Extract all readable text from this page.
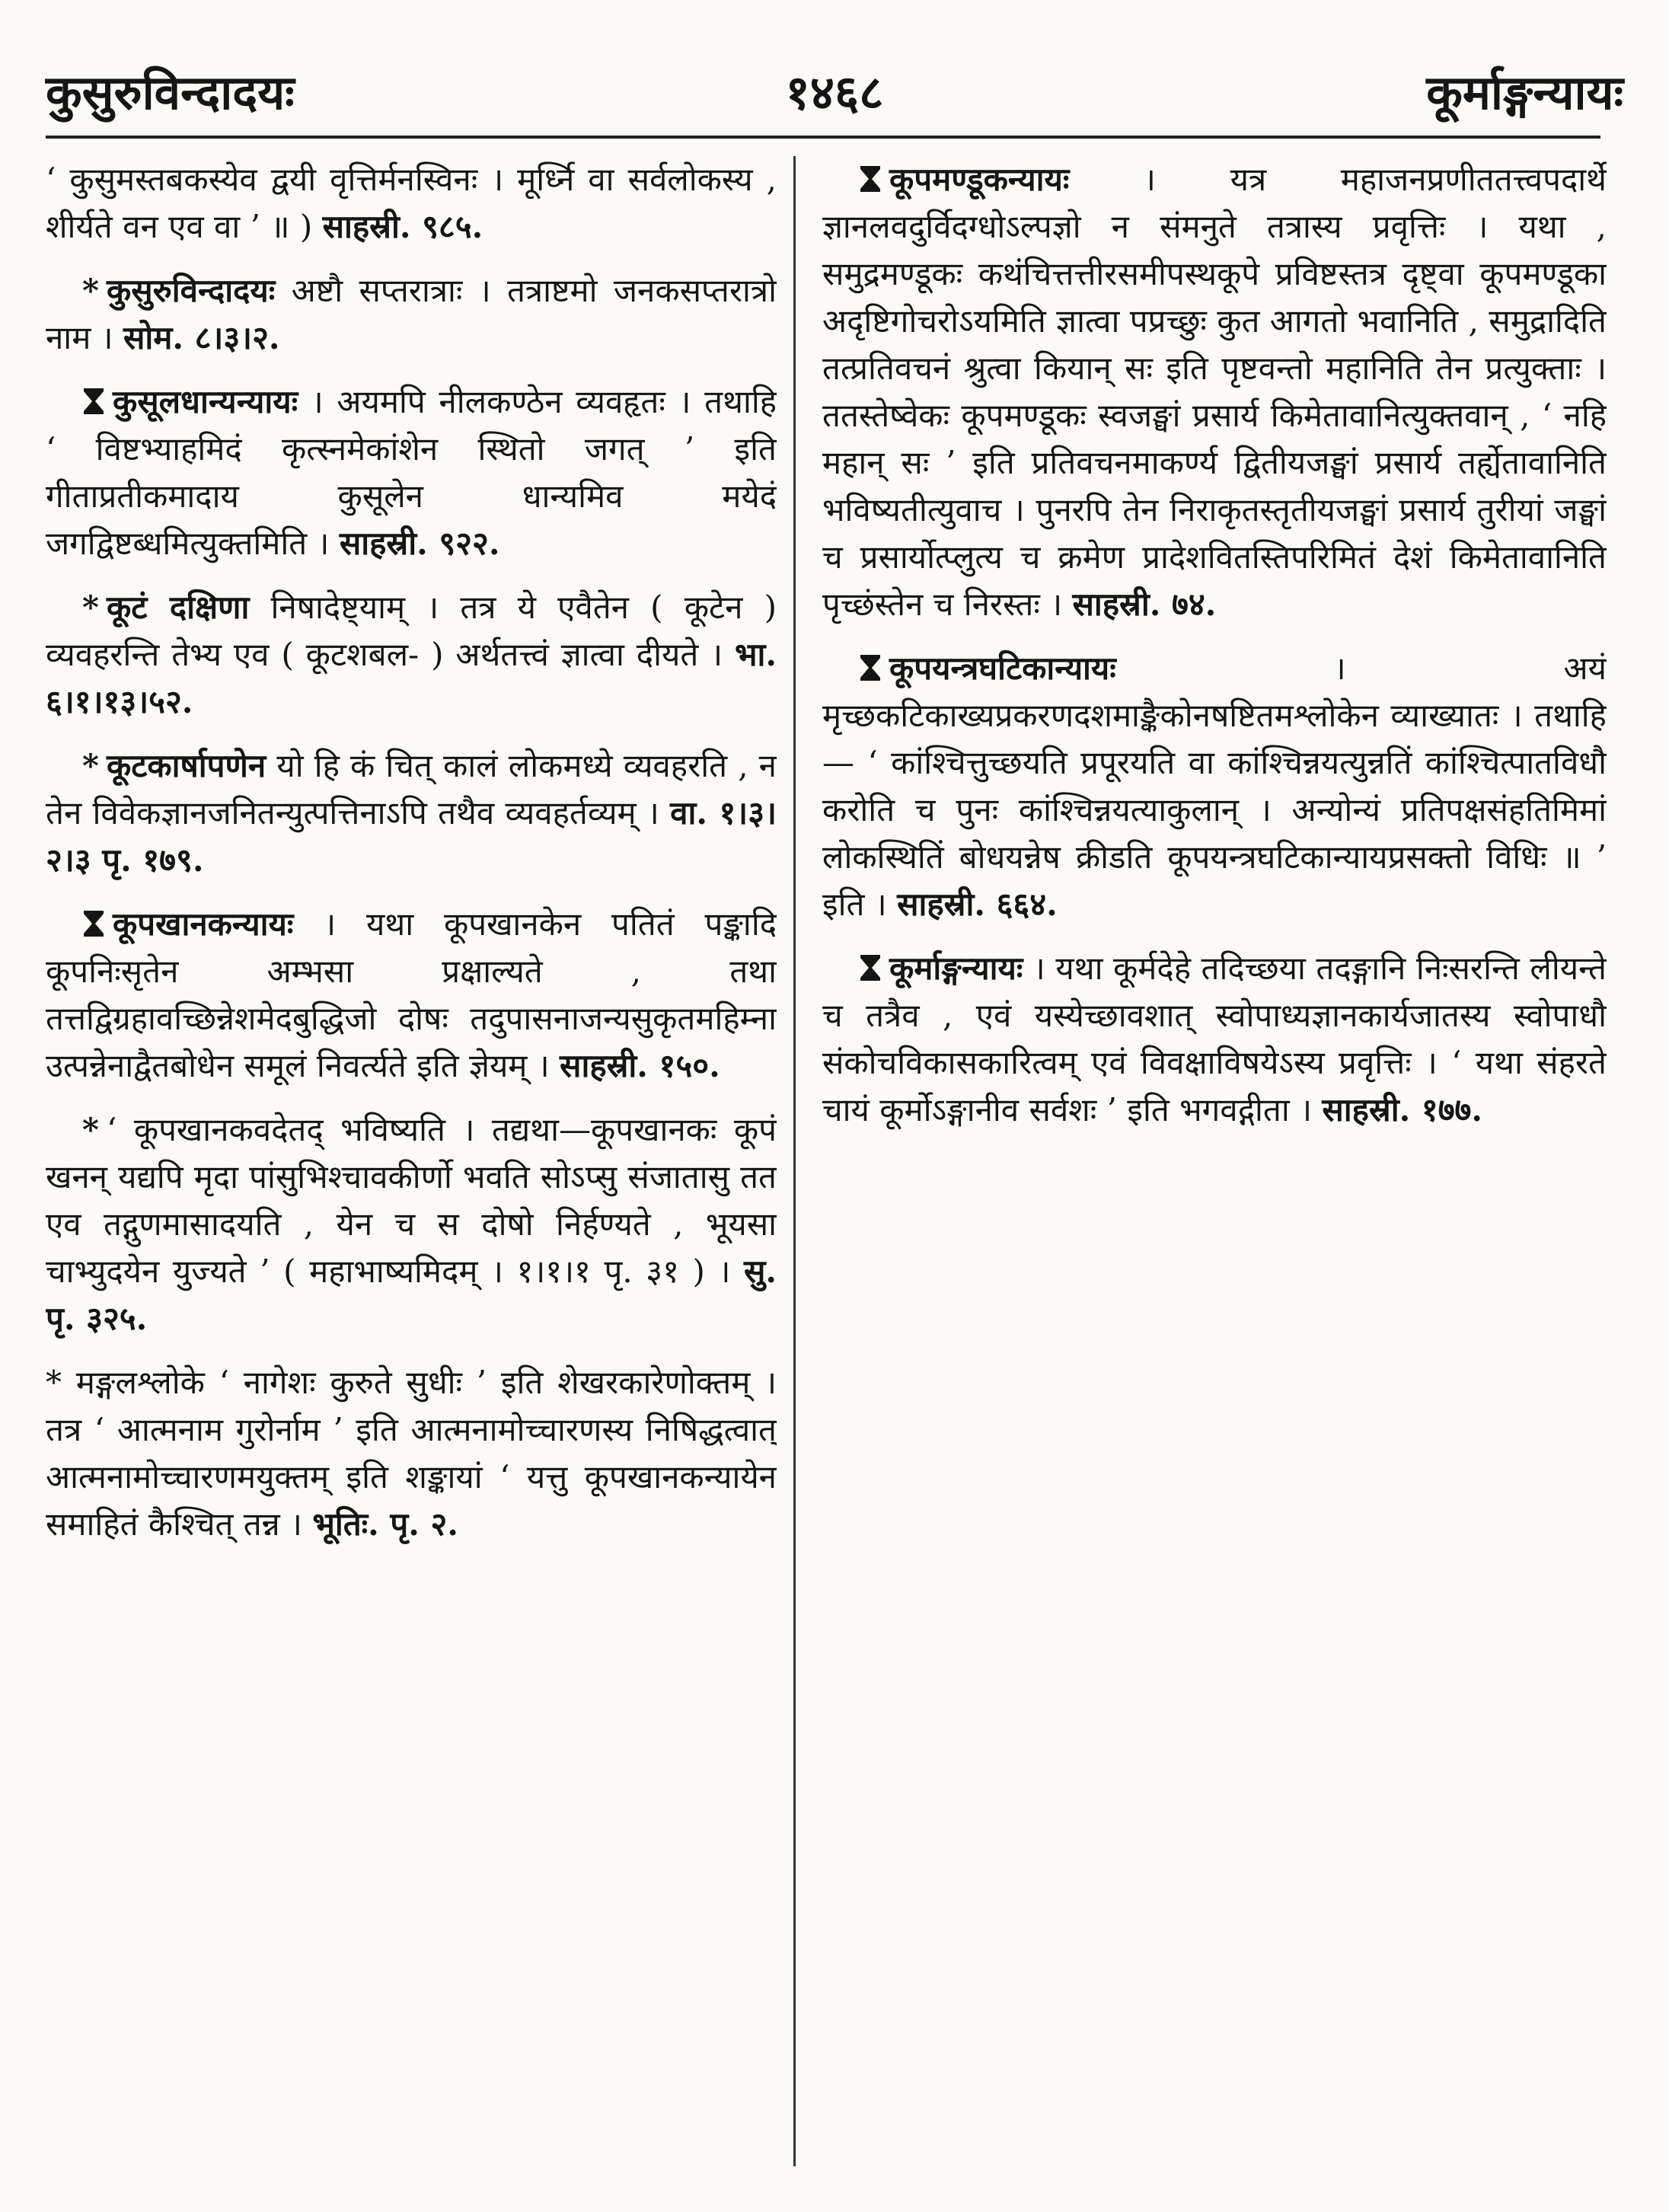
कुसुरुविन्दादयः	१४६८	कूर्माङ्गन्यायः

‘ कुसुमस्तबकस्येव द्वयी वृत्तिर्मनस्विनः । मूर्ध्नि वा सर्वलोकस्य , शीर्यते वन एव वा ’ ॥ ) साहस्री. ९८५.

* कुसुरुविन्दादयः अष्टौ सप्तरात्राः । तत्राष्टमो जनकसप्तरात्रो नाम । सोम. ८।३।२.

कुसूलधान्यन्यायः । अयमपि नीलकण्ठेन व्यवहृतः । तथाहि ‘ विष्टभ्याहमिदं कृत्स्नमेकांशेन स्थितो जगत् ’ इति गीताप्रतीकमादाय कुसूलेन धान्यमिव मयेदं जगद्विष्टब्धमित्युक्तमिति । साहस्री. ९२२.

* कूटं दक्षिणा निषादेष्ट्याम् । तत्र ये एवैतेन ( कूटेन ) व्यवहरन्ति तेभ्य एव ( कूटशबल- ) अर्थतत्त्वं ज्ञात्वा दीयते । भा. ६।१।१३।५२.

* कूटकार्षापणेन यो हि कं चित् कालं लोकमध्ये व्यवहरति , न तेन विवेकज्ञानजनितन्युत्पत्तिनाऽपि तथैव व्यवहर्तव्यम् । वा. १।३।२।३ पृ. १७९.

कूपखानकन्यायः । यथा कूपखानकेन पतितं पङ्कादि कूपनिःसृतेन अम्भसा प्रक्षाल्यते , तथा तत्तद्विग्रहावच्छिन्नेशमेदबुद्धिजो दोषः तदुपासनाजन्यसुकृतमहिम्ना उत्पन्नेनाद्वैतबोधेन समूलं निवर्त्यते इति ज्ञेयम् । साहस्री. १५०.

* ‘ कूपखानकवदेतद् भविष्यति । तद्यथा—कूपखानकः कूपं खनन् यद्यपि मृदा पांसुभिश्चावकीर्णो भवति सोऽप्सु संजातासु तत एव तद्गुणमासादयति , येन च स दोषो निर्हण्यते , भूयसा चाभ्युदयेन युज्यते ’ ( महाभाष्यमिदम् । १।१।१ पृ. ३१ ) । सु. पृ. ३२५.

* मङ्गलश्लोके ‘ नागेशः कुरुते सुधीः ’ इति शेखरकारेणोक्तम् । तत्र ‘ आत्मनाम गुरोर्नाम ’ इति आत्मनामोच्चारणस्य निषिद्धत्वात् आत्मनामोच्चारणमयुक्तम् इति शङ्कायां ‘ यत्तु कूपखानकन्यायेन समाहितं कैश्चित् तन्न । भूतिः. पृ. २.

कूपमण्डूकन्यायः । यत्र महाजनप्रणीततत्त्वपदार्थे ज्ञानलवदुर्विदग्धोऽल्पज्ञो न संमनुते तत्रास्य प्रवृत्तिः । यथा , समुद्रमण्डूकः कथंचित्तत्तीरसमीपस्थकूपे प्रविष्टस्तत्र दृष्ट्वा कूपमण्डूका अदृष्टिगोचरोऽयमिति ज्ञात्वा पप्रच्छुः कुत आगतो भवानिति , समुद्रादिति तत्प्रतिवचनं श्रुत्वा कियान् सः इति पृष्टवन्तो महानिति तेन प्रत्युक्ताः । ततस्तेष्वेकः कूपमण्डूकः स्वजङ्घां प्रसार्य किमेतावानित्युक्तवान् , ‘ नहि महान् सः ’ इति प्रतिवचनमाकर्ण्य द्वितीयजङ्घां प्रसार्य तर्ह्येतावानिति भविष्यतीत्युवाच । पुनरपि तेन निराकृतस्तृतीयजङ्घां प्रसार्य तुरीयां जङ्घां च प्रसार्योत्प्लुत्य च क्रमेण प्रादेशवितस्तिपरिमितं देशं किमेतावानिति पृच्छंस्तेन च निरस्तः । साहस्री. ७४.

कूपयन्त्रघटिकान्यायः	। अयं मृच्छकटिकाख्यप्रकरणदशमाङ्कैकोनषष्टितमश्लोकेन व्याख्यातः । तथाहि— ‘ कांश्चित्तुच्छयति प्रपूरयति वा कांश्चिन्नयत्युन्नतिं कांश्चित्पातविधौ करोति च पुनः कांश्चिन्नयत्याकुलान् । अन्योन्यं प्रतिपक्षसंहतिमिमां लोकस्थितिं बोधयन्नेष क्रीडति कूपयन्त्रघटिकान्यायप्रसक्तो विधिः ॥ ’ इति । साहस्री. ६६४.

कूर्माङ्गन्यायः । यथा कूर्मदेहे तदिच्छया तदङ्गानि निःसरन्ति लीयन्ते च तत्रैव , एवं यस्येच्छावशात् स्वोपाध्यज्ञानकार्यजातस्य स्वोपाधौ संकोचविकासकारित्वम् एवं विवक्षाविषयेऽस्य प्रवृत्तिः । ‘ यथा संहरते चायं कूर्मोऽङ्गानीव सर्वशः ’ इति भगवद्गीता । साहस्री. १७७.
